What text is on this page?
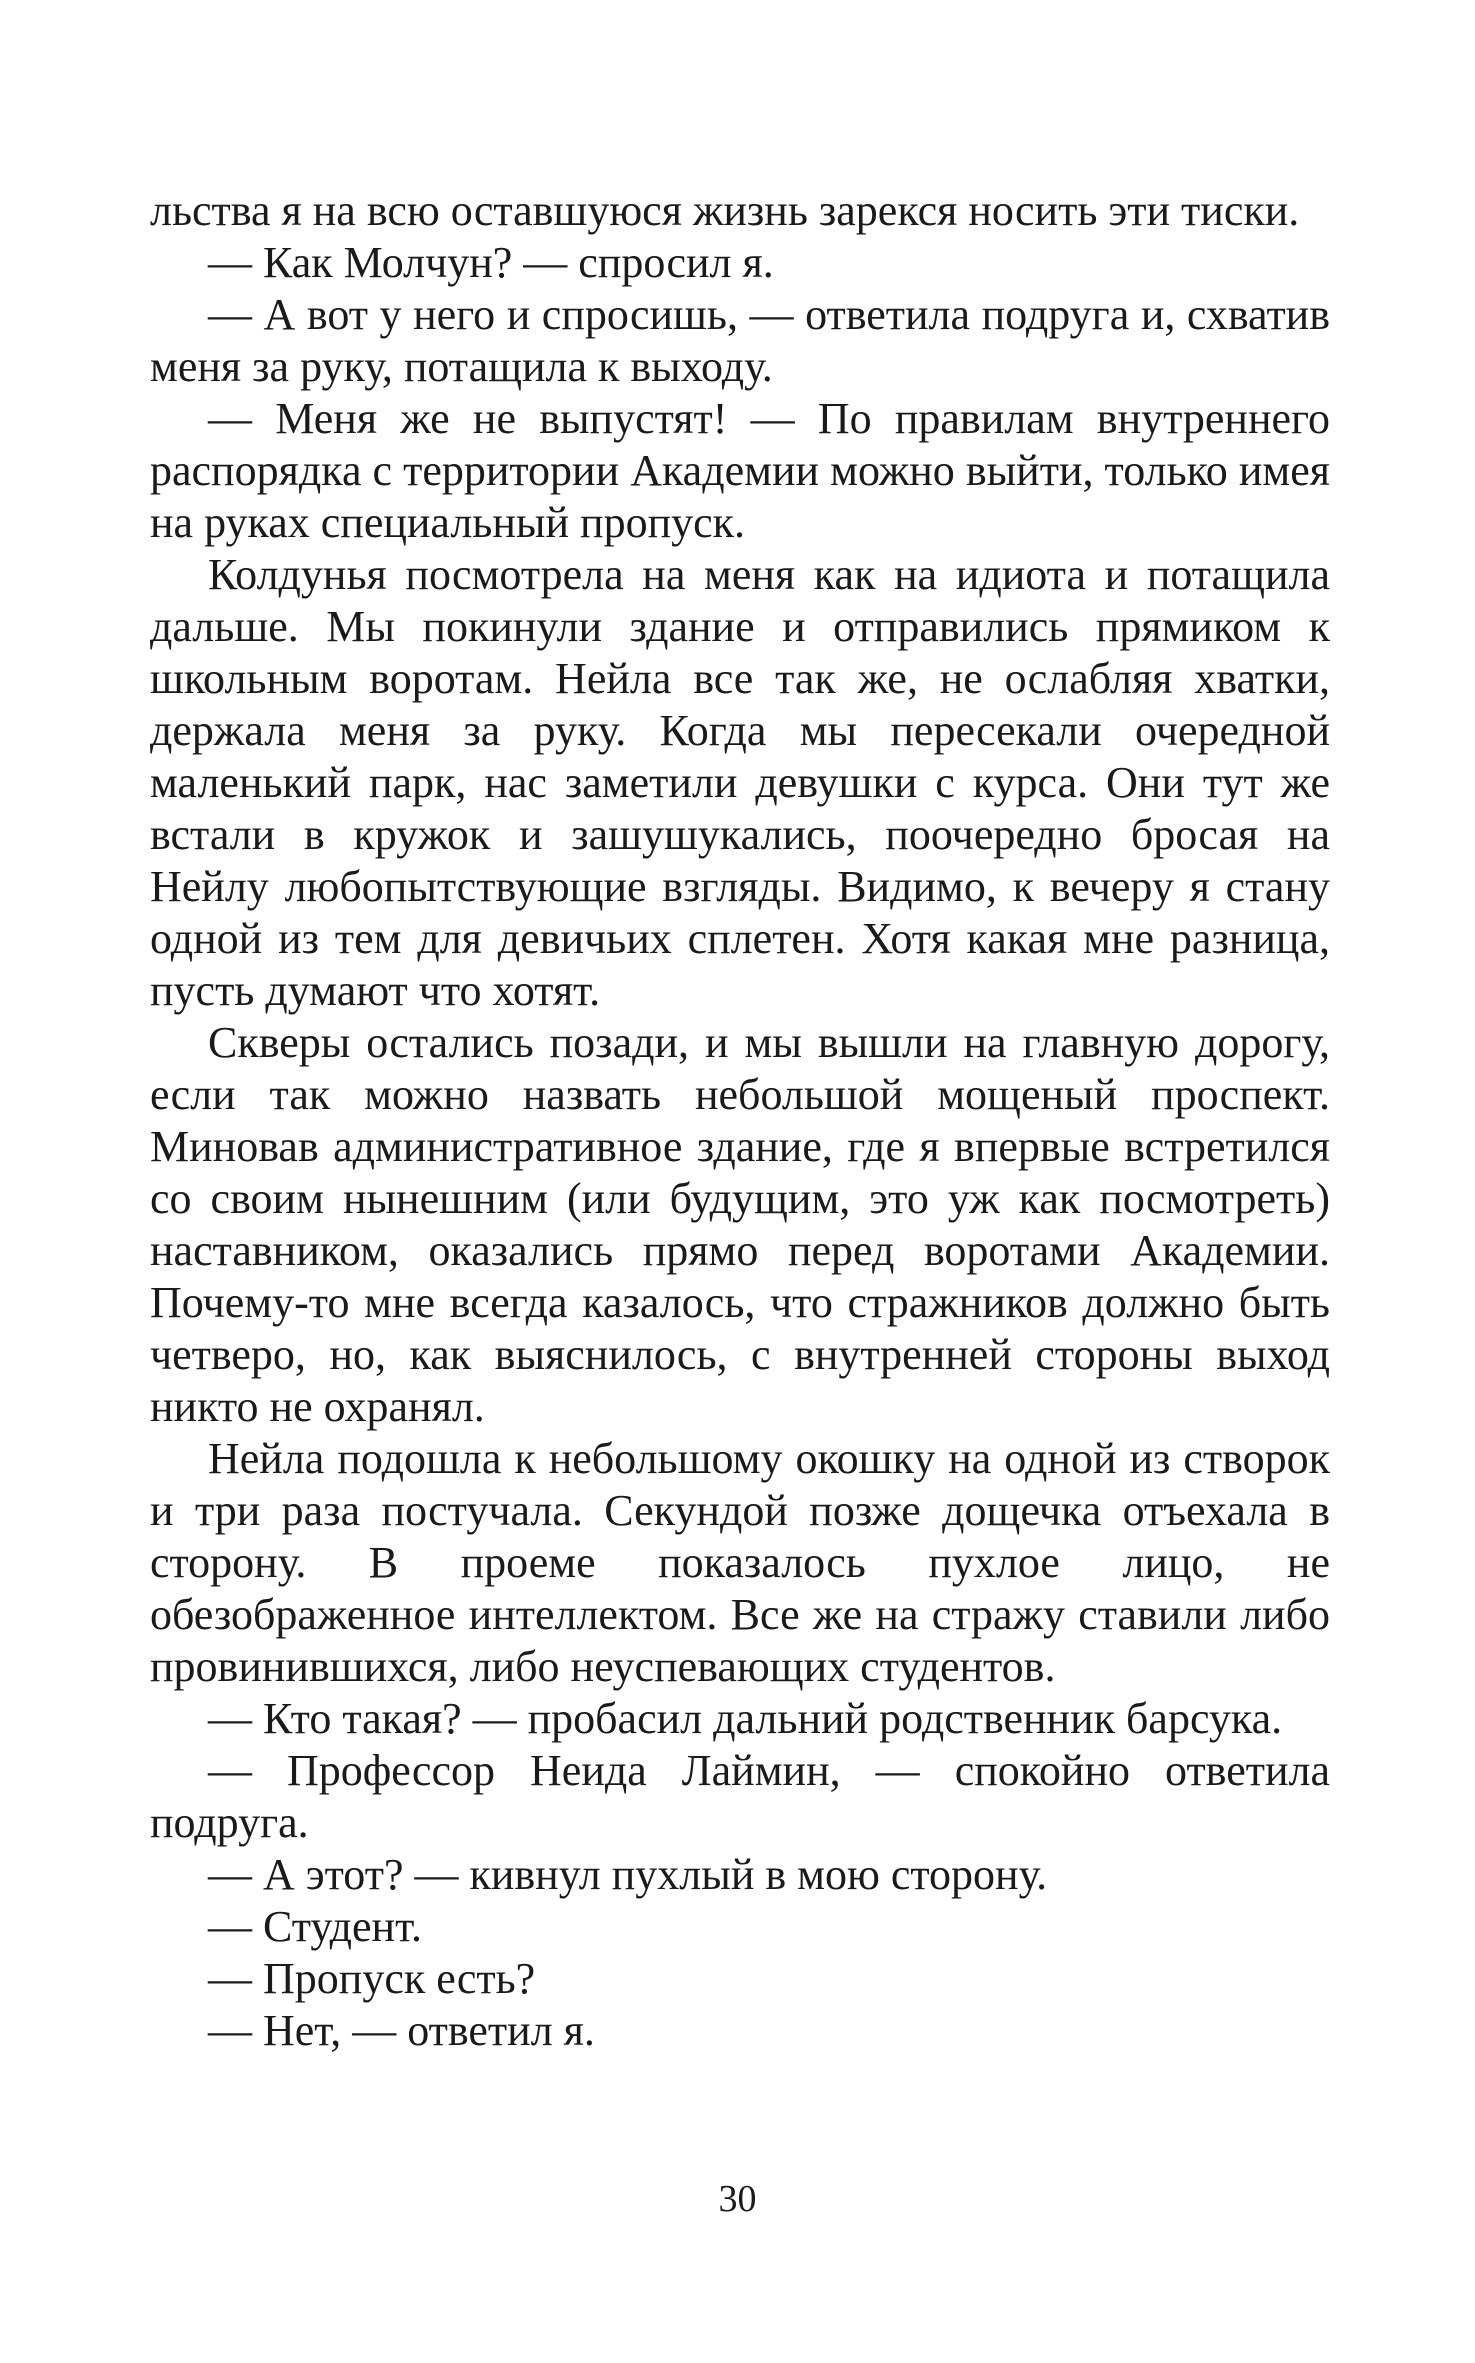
льства я на всю оставшуюся жизнь зарекся носить эти тиски.

— Как Молчун? — спросил я.

— А вот у него и спросишь, — ответила подруга и, схватив меня за руку, потащила к выходу.

— Меня же не выпустят! — По правилам внутреннего распорядка с территории Академии можно выйти, только имея на руках специальный пропуск.

Колдунья посмотрела на меня как на идиота и потащила дальше. Мы покинули здание и отправились прямиком к школьным воротам. Нейла все так же, не ослабляя хватки, держала меня за руку. Когда мы пересекали очередной маленький парк, нас заметили девушки с курса. Они тут же встали в кружок и зашушукались, поочередно бросая на Нейлу любопытствующие взгляды. Видимо, к вечеру я стану одной из тем для девичьих сплетен. Хотя какая мне разница, пусть думают что хотят.

Скверы остались позади, и мы вышли на главную дорогу, если так можно назвать небольшой мощеный проспект. Миновав административное здание, где я впервые встретился со своим нынешним (или будущим, это уж как посмотреть) наставником, оказались прямо перед воротами Академии. Почему-то мне всегда казалось, что стражников должно быть четверо, но, как выяснилось, с внутренней стороны выход никто не охранял.

Нейла подошла к небольшому окошку на одной из створок и три раза постучала. Секундой позже дощечка отъехала в сторону. В проеме показалось пухлое лицо, не обезображенное интеллектом. Все же на стражу ставили либо провинившихся, либо неуспевающих студентов.

— Кто такая? — пробасил дальний родственник барсука.

— Профессор Неида Лаймин, — спокойно ответила подруга.

— А этот? — кивнул пухлый в мою сторону.

— Студент.

— Пропуск есть?

— Нет, — ответил я.

30
